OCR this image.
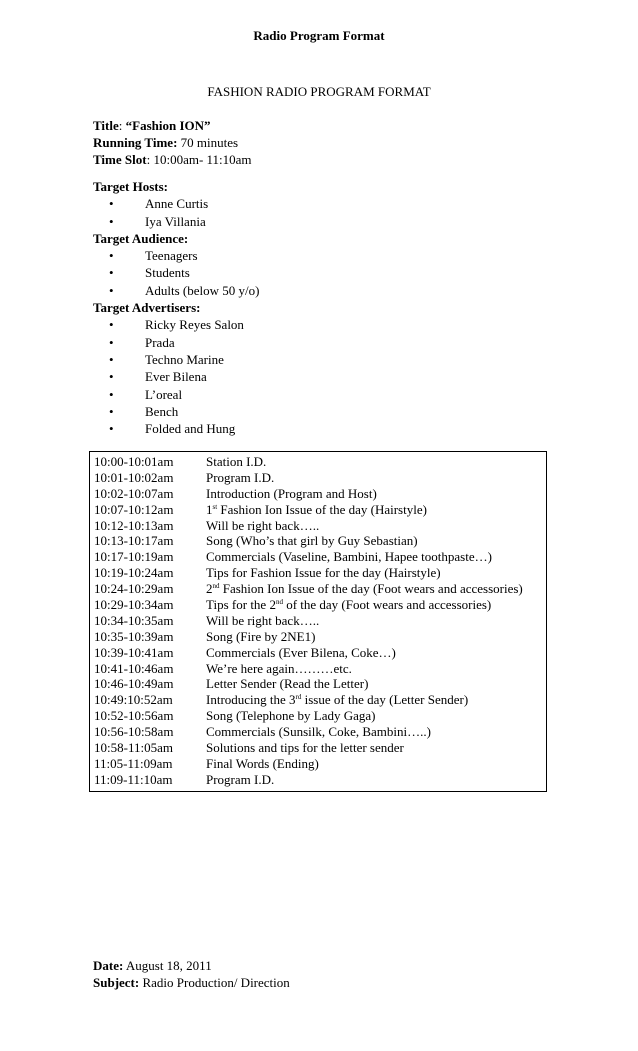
Radio Program Format
FASHION RADIO PROGRAM FORMAT
Title: “Fashion ION”
Running Time: 70 minutes
Time Slot: 10:00am- 11:10am
Target Hosts:
• Anne Curtis
• Iya Villania
Target Audience:
• Teenagers
• Students
• Adults (below 50 y/o)
Target Advertisers:
• Ricky Reyes Salon
• Prada
• Techno Marine
• Ever Bilena
• L’oreal
• Bench
• Folded and Hung
10:00-10:01am	Station I.D.
10:01-10:02am	Program I.D.
10:02-10:07am	Introduction (Program and Host)
10:07-10:12am	1st Fashion Ion Issue of the day (Hairstyle)
10:12-10:13am	Will be right back…..
10:13-10:17am	Song (Who’s that girl by Guy Sebastian)
10:17-10:19am	Commercials (Vaseline, Bambini, Hapee toothpaste…)
10:19-10:24am	Tips for Fashion Issue for the day (Hairstyle)
10:24-10:29am	2nd Fashion Ion Issue of the day (Foot wears and accessories)
10:29-10:34am	Tips for the 2nd of the day (Foot wears and accessories)
10:34-10:35am	Will be right back…..
10:35-10:39am	Song (Fire by 2NE1)
10:39-10:41am	Commercials (Ever Bilena, Coke…)
10:41-10:46am	We’re here again………etc.
10:46-10:49am	Letter Sender (Read the Letter)
10:49:10:52am	Introducing the 3rd issue of the day (Letter Sender)
10:52-10:56am	Song (Telephone by Lady Gaga)
10:56-10:58am	Commercials (Sunsilk, Coke, Bambini…..)
10:58-11:05am	Solutions and tips for the letter sender
11:05-11:09am	Final Words (Ending)
11:09-11:10am	Program I.D.
Date: August 18, 2011
Subject: Radio Production/ Direction
